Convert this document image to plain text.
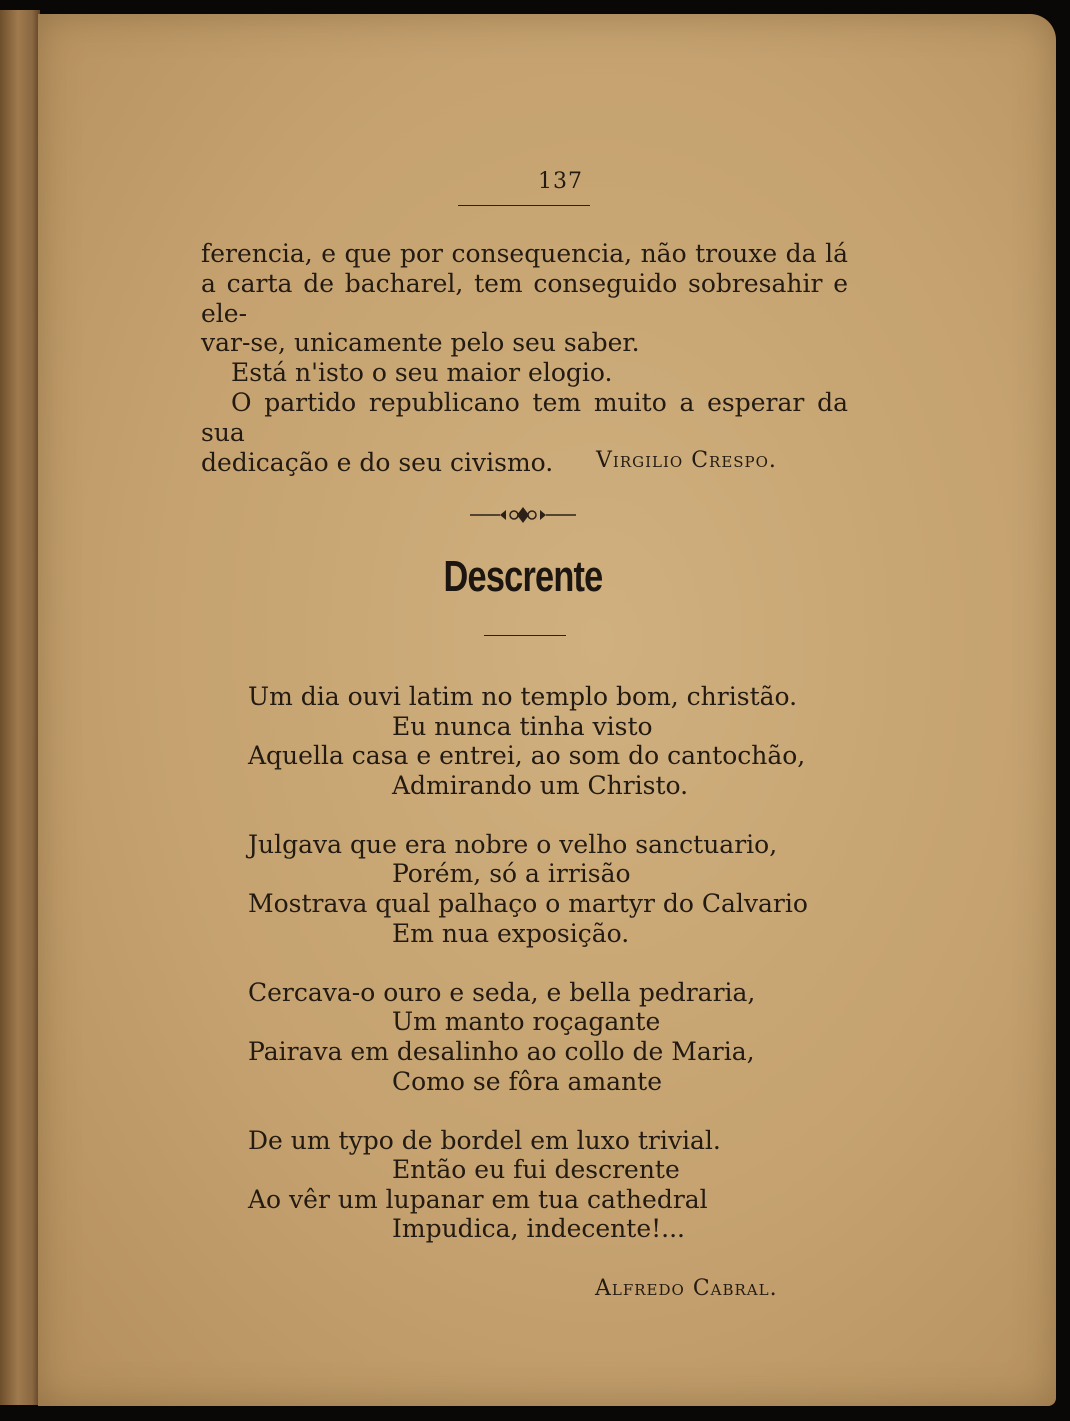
137

ferencia, e que por consequencia, não trouxe da lá

a carta de bacharel, tem conseguido sobresahir e ele-

var-se, unicamente pelo seu saber.

Está n'isto o seu maior elogio.

O partido republicano tem muito a esperar da sua

dedicação e do seu civismo.	Virgilio Crespo.
Descrente
Um dia ouvi latim no templo bom, christão.
Eu nunca tinha visto
Aquella casa e entrei, ao som do cantochão,
Admirando um Christo.
Julgava que era nobre o velho sanctuario,
Porém, só a irrisão
Mostrava qual palhaço o martyr do Calvario
Em nua exposição.
Cercava-o ouro e seda, e bella pedraria,
Um manto roçagante
Pairava em desalinho ao collo de Maria,
Como se fôra amante
De um typo de bordel em luxo trivial.
Então eu fui descrente
Ao vêr um lupanar em tua cathedral
Impudica, indecente!...
Alfredo Cabral.
